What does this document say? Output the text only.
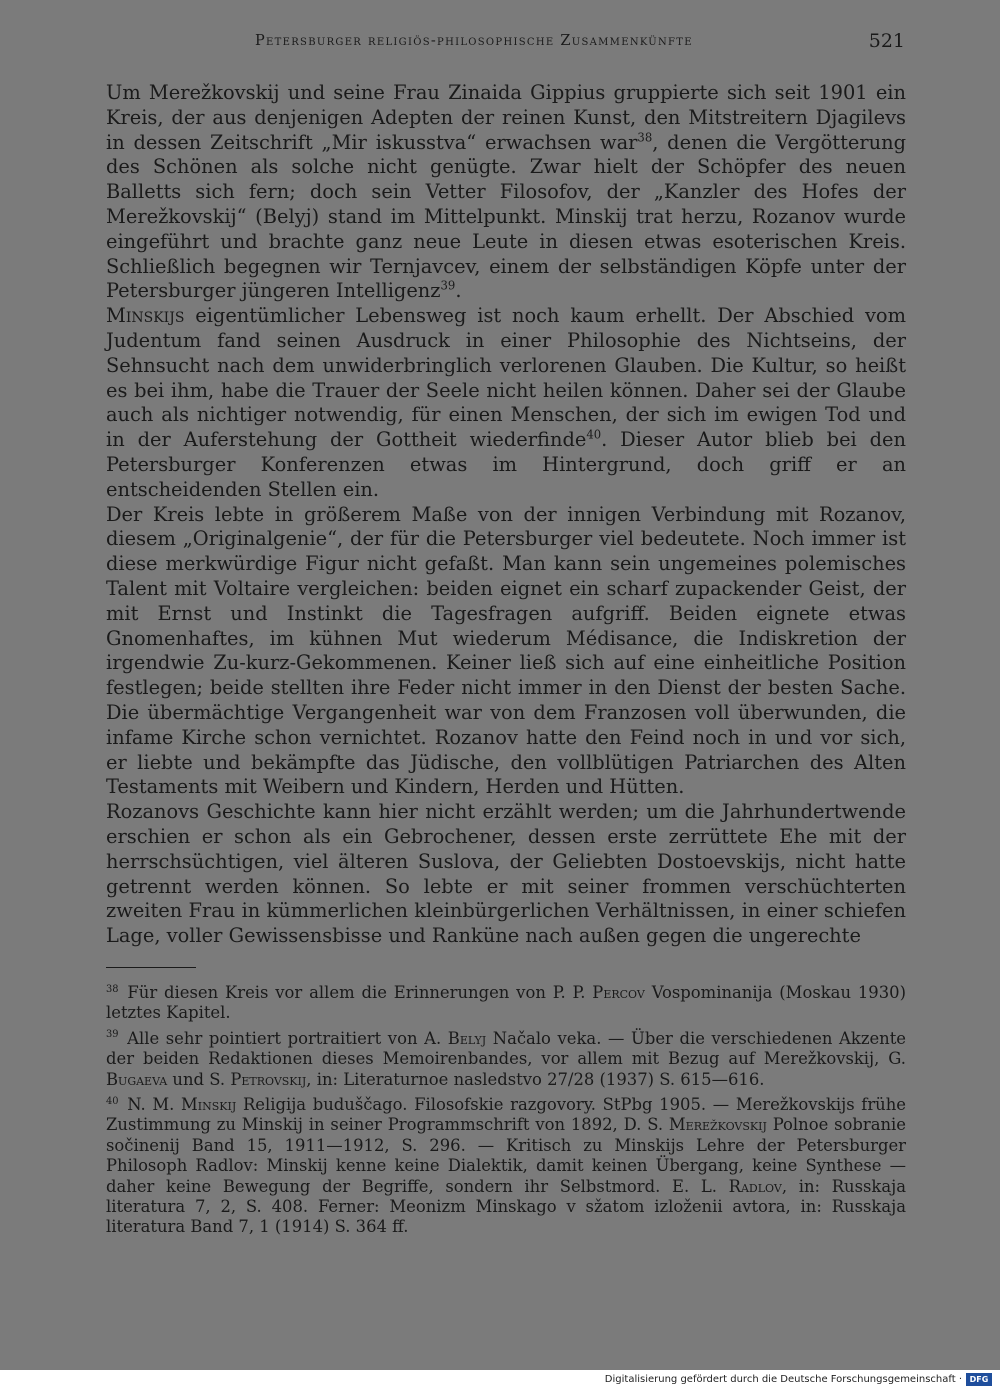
Petersburger religiös-philosophische Zusammenkünfte	521

Um Merežkovskij und seine Frau Zinaida Gippius gruppierte sich seit 1901 ein Kreis, der aus denjenigen Adepten der reinen Kunst, den Mitstreitern Djagilevs in dessen Zeitschrift „Mir iskusstva“ erwachsen war$^{38}$, denen die Vergötterung des Schönen als solche nicht genügte. Zwar hielt der Schöpfer des neuen Balletts sich fern; doch sein Vetter Filosofov, der „Kanzler des Hofes der Merežkovskij“ (Belyj) stand im Mittelpunkt. Minskij trat herzu, Rozanov wurde eingeführt und brachte ganz neue Leute in diesen etwas esoterischen Kreis. Schließlich begegnen wir Ternjavcev, einem der selbständigen Köpfe unter der Petersburger jüngeren Intelligenz$^{39}$.

Minskijs eigentümlicher Lebensweg ist noch kaum erhellt. Der Abschied vom Judentum fand seinen Ausdruck in einer Philosophie des Nichtseins, der Sehnsucht nach dem unwiderbringlich verlorenen Glauben. Die Kultur, so heißt es bei ihm, habe die Trauer der Seele nicht heilen können. Daher sei der Glaube auch als nichtiger notwendig, für einen Menschen, der sich im ewigen Tod und in der Auferstehung der Gottheit wiederfinde$^{40}$. Dieser Autor blieb bei den Petersburger Konferenzen etwas im Hintergrund, doch griff er an entscheidenden Stellen ein.

Der Kreis lebte in größerem Maße von der innigen Verbindung mit Rozanov, diesem „Originalgenie“, der für die Petersburger viel bedeutete. Noch immer ist diese merkwürdige Figur nicht gefaßt. Man kann sein ungemeines polemisches Talent mit Voltaire vergleichen: beiden eignet ein scharf zupackender Geist, der mit Ernst und Instinkt die Tagesfragen aufgriff. Beiden eignete etwas Gnomenhaftes, im kühnen Mut wiederum Médisance, die Indiskretion der irgendwie Zu-kurz-Gekommenen. Keiner ließ sich auf eine einheitliche Position festlegen; beide stellten ihre Feder nicht immer in den Dienst der besten Sache. Die übermächtige Vergangenheit war von dem Franzosen voll überwunden, die infame Kirche schon vernichtet. Rozanov hatte den Feind noch in und vor sich, er liebte und bekämpfte das Jüdische, den vollblütigen Patriarchen des Alten Testaments mit Weibern und Kindern, Herden und Hütten.

Rozanovs Geschichte kann hier nicht erzählt werden; um die Jahrhundertwende erschien er schon als ein Gebrochener, dessen erste zerrüttete Ehe mit der herrschsüchtigen, viel älteren Suslova, der Geliebten Dostoevskijs, nicht hatte getrennt werden können. So lebte er mit seiner frommen verschüchterten zweiten Frau in kümmerlichen kleinbürgerlichen Verhältnissen, in einer schiefen Lage, voller Gewissensbisse und Ranküne nach außen gegen die ungerechte

$^{38}$ Für diesen Kreis vor allem die Erinnerungen von P. P. Percov Vospominanija (Moskau 1930) letztes Kapitel.

$^{39}$ Alle sehr pointiert portraitiert von A. Belyj Načalo veka. — Über die verschiedenen Akzente der beiden Redaktionen dieses Memoirenbandes, vor allem mit Bezug auf Merežkovskij, G. Bugaeva und S. Petrovskij, in: Literaturnoe nasledstvo 27/28 (1937) S. 615—616.

$^{40}$ N. M. Minskij Religija buduščago. Filosofskie razgovory. StPbg 1905. — Merežkovskijs frühe Zustimmung zu Minskij in seiner Programmschrift von 1892, D. S. Merežkovskij Polnoe sobranie sočinenij Band 15, 1911—1912, S. 296. — Kritisch zu Minskijs Lehre der Petersburger Philosoph Radlov: Minskij kenne keine Dialektik, damit keinen Übergang, keine Synthese — daher keine Bewegung der Begriffe, sondern ihr Selbstmord. E. L. Radlov, in: Russkaja literatura 7, 2, S. 408. Ferner: Meonizm Minskago v sžatom izloženii avtora, in: Russkaja literatura Band 7, 1 (1914) S. 364 ff.

Digitalisierung gefördert durch die Deutsche Forschungsgemeinschaft · DFG
